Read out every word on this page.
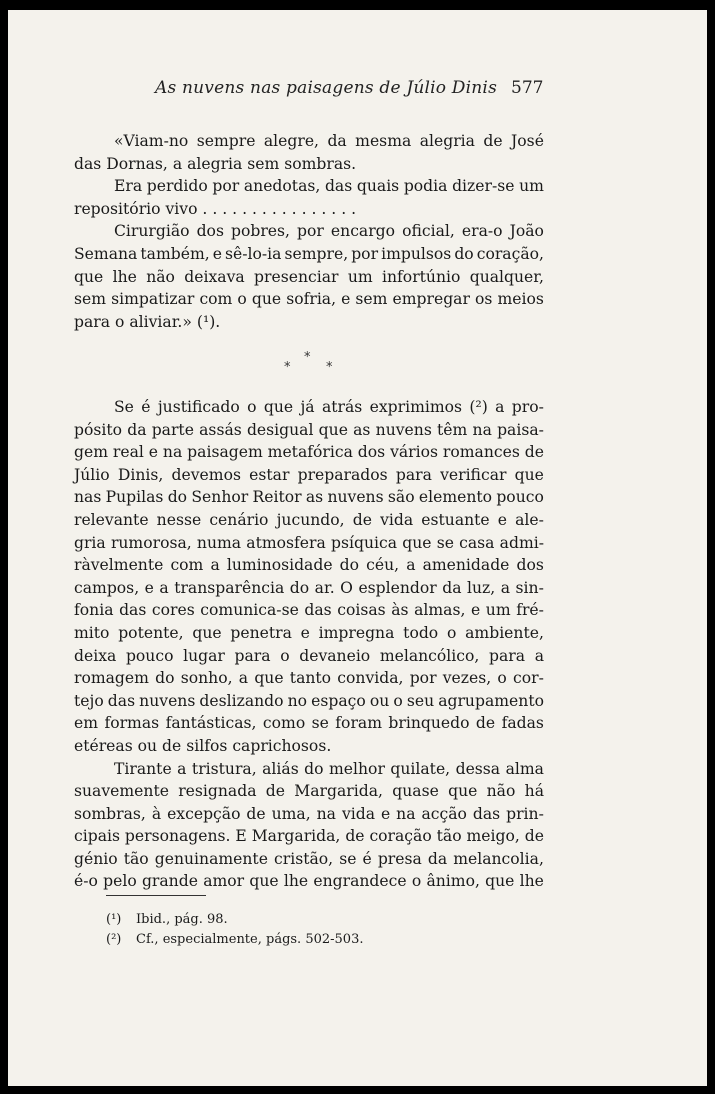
As nuvens nas paisagens de Júlio Dinis 577
«Viam-no sempre alegre, da mesma alegria de José
das Dornas, a alegria sem sombras.
Era perdido por anedotas, das quais podia dizer-se um
repositório vivo . . . . . . . . . . . . . . . .
Cirurgião dos pobres, por encargo oficial, era-o João
Semana também, e sê-lo-ia sempre, por impulsos do coração,
que lhe não deixava presenciar um infortúnio qualquer,
sem simpatizar com o que sofria, e sem empregar os meios
para o aliviar.» (¹).
*
*
*
Se é justificado o que já atrás exprimimos (²) a pro-
pósito da parte assás desigual que as nuvens têm na paisa-
gem real e na paisagem metafórica dos vários romances de
Júlio Dinis, devemos estar preparados para verificar que
nas Pupilas do Senhor Reitor as nuvens são elemento pouco
relevante nesse cenário jucundo, de vida estuante e ale-
gria rumorosa, numa atmosfera psíquica que se casa admi-
ràvelmente com a luminosidade do céu, a amenidade dos
campos, e a transparência do ar. O esplendor da luz, a sin-
fonia das cores comunica-se das coisas às almas, e um fré-
mito potente, que penetra e impregna todo o ambiente,
deixa pouco lugar para o devaneio melancólico, para a
romagem do sonho, a que tanto convida, por vezes, o cor-
tejo das nuvens deslizando no espaço ou o seu agrupamento
em formas fantásticas, como se foram brinquedo de fadas
etéreas ou de silfos caprichosos.
Tirante a tristura, aliás do melhor quilate, dessa alma
suavemente resignada de Margarida, quase que não há
sombras, à excepção de uma, na vida e na acção das prin-
cipais personagens. E Margarida, de coração tão meigo, de
génio tão genuinamente cristão, se é presa da melancolia,
é-o pelo grande amor que lhe engrandece o ânimo, que lhe
(¹) Ibid., pág. 98.
(²) Cf., especialmente, págs. 502-503.
